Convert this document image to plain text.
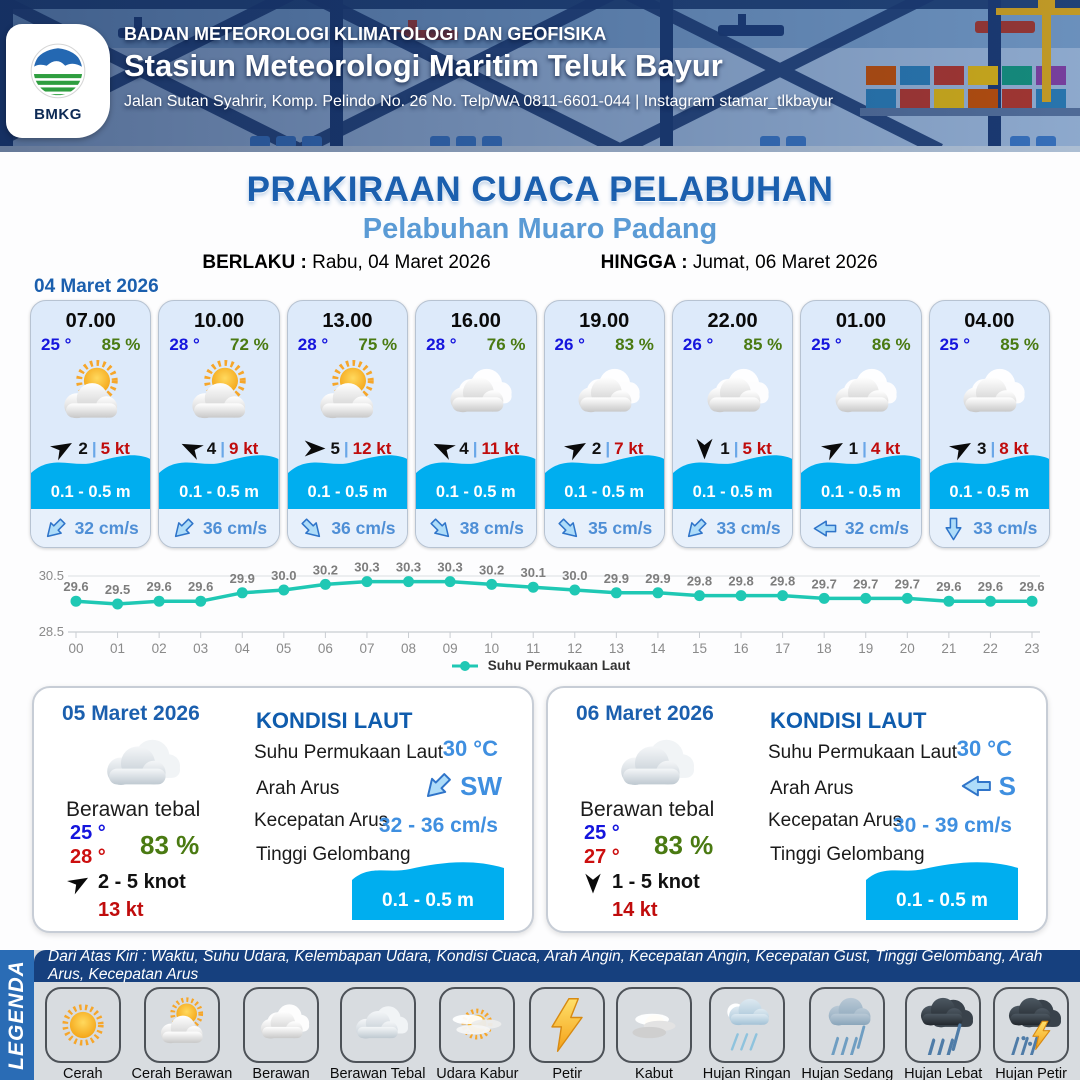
BMKG
BADAN METEOROLOGI KLIMATOLOGI DAN GEOFISIKA
Stasiun Meteorologi Maritim Teluk Bayur
Jalan Sutan Syahrir, Komp. Pelindo No. 26 No. Telp/WA 0811-6601-044 | Instagram stamar_tlkbayur
PRAKIRAAN CUACA PELABUHAN
Pelabuhan Muaro Padang
BERLAKU : Rabu, 04 Maret 2026	HINGGA : Jumat, 06 Maret 2026
04 Maret 2026
07.00
25 ° 85 %
2 | 5 kt
0.1 - 0.5 m
32 cm/s
10.00
28 ° 72 %
4 | 9 kt
0.1 - 0.5 m
36 cm/s
13.00
28 ° 75 %
5 | 12 kt
0.1 - 0.5 m
36 cm/s
16.00
28 ° 76 %
4 | 11 kt
0.1 - 0.5 m
38 cm/s
19.00
26 ° 83 %
2 | 7 kt
0.1 - 0.5 m
35 cm/s
22.00
26 ° 85 %
1 | 5 kt
0.1 - 0.5 m
33 cm/s
01.00
25 ° 86 %
1 | 4 kt
0.1 - 0.5 m
32 cm/s
04.00
25 ° 85 %
3 | 8 kt
0.1 - 0.5 m
33 cm/s
30.5
28.5
00 01 02 03 04 05 06 07 08 09 10 11 12 13 14 15 16 17 18 19 20 21 22 23
29.6 29.5 29.6 29.6
29.9 30.0 30.2 30.3 30.3 30.3 30.2 30.1 30.0 29.9 29.9 29.8 29.8 29.8 29.7 29.7 29.7 29.6 29.6 29.6
Suhu Permukaan Laut
05 Maret 2026
Berawan tebal
25 °
28 ° 83 %
2 - 5 knot
13 kt
KONDISI LAUT
Suhu Permukaan Laut 30 °C
Arah Arus	SW
Kecepatan Arus
32 - 36 cm/s
Tinggi Gelombang
0.1 - 0.5 m
06 Maret 2026
Berawan tebal
25 °
27 ° 83 %
1 - 5 knot
14 kt
KONDISI LAUT
Suhu Permukaan Laut 30 °C
Arah Arus	S
Kecepatan Arus
30 - 39 cm/s
Tinggi Gelombang
0.1 - 0.5 m
LEGENDA
Dari Atas Kiri : Waktu, Suhu Udara, Kelembapan Udara, Kondisi Cuaca, Arah Angin, Kecepatan Angin, Kecepatan Gust, Tinggi Gelombang, Arah Arus, Kecepatan Arus
Cerah Cerah Berawan Berawan Berawan Tebal Udara Kabur Petir	Kabut Hujan Ringan Hujan Sedang Hujan Lebat Hujan Petir
